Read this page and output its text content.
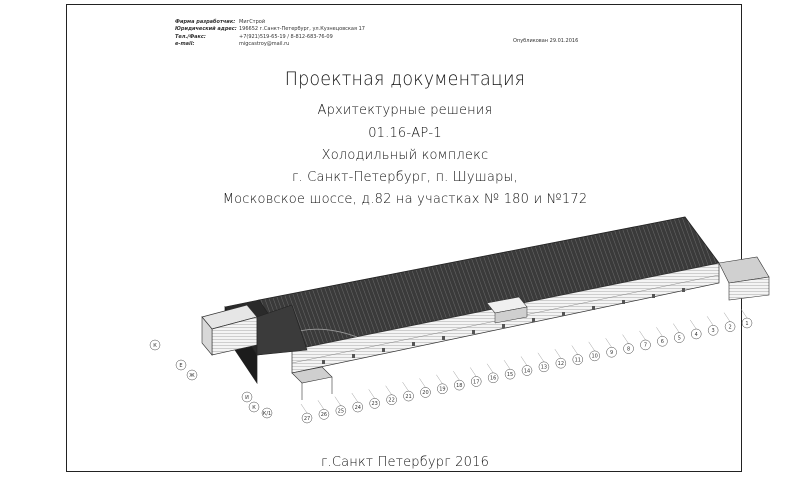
Фирма разработчик: МигСтрой
Юридический адрес: 196652 г.Санкт-Петербург, ул.Кузнецовская 17
Тел./Факс:	+7(921)519-65-19 / 8-812-683-76-09
e-mail:	migcastroy@mail.ru
Опубликован 29.01.2016
Проектная документация
Архитектурные решения
01.16-АР-1
Холодильный комплекс
г. Санкт-Петербург, п. Шушары,
Московское шоссе, д.82 на участках № 180 и №172
1
2
3
4
5
6
7
8
9
10
11
12
13
14
15
16
17
18
19
20
21
22
23
24
25
26
27
К
Е
Ж
И
К
К/1
г.Санкт Петербург 2016
